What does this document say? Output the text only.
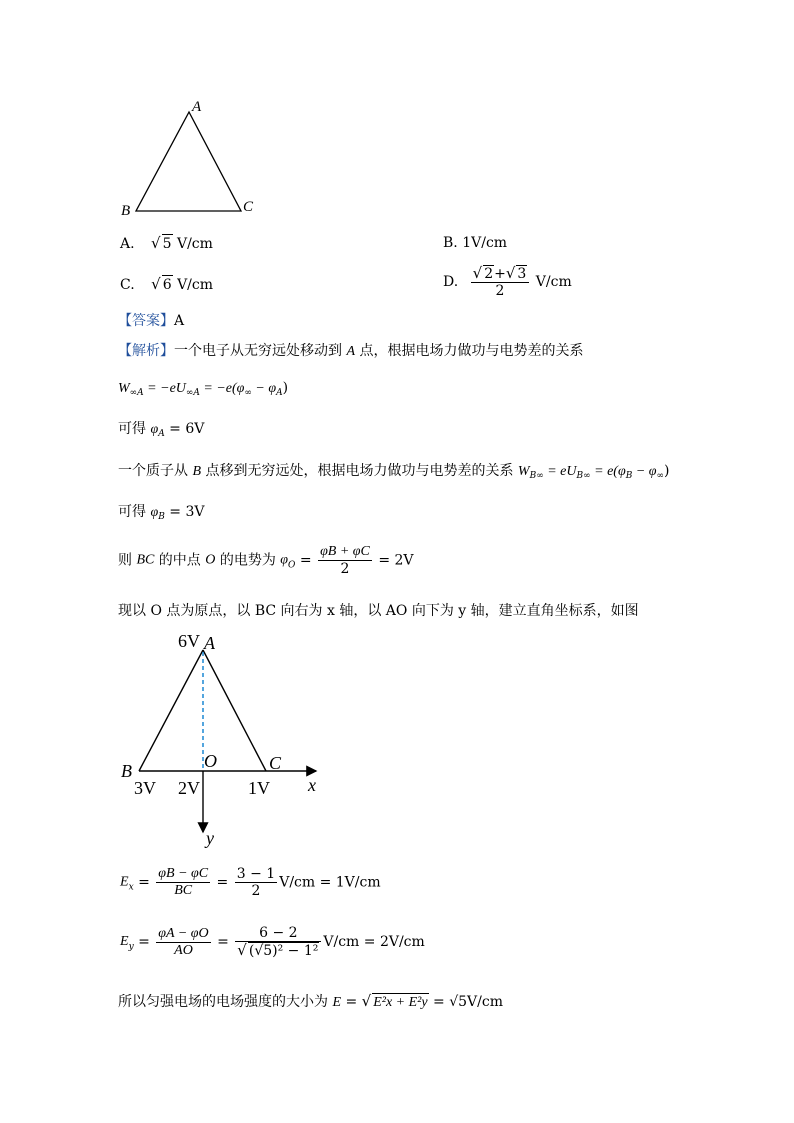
A
B	C
A. √ 5 V/cm	B. 1V/cm
C. √ 6 V/cm	D. $\frac{√ 2+√ 3}{2} V/cm$
【答案】A
【解析】一个电子从无穷远处移动到 A 点，根据电场力做功与电势差的关系
$W_{\infty A} = -eU_{\infty A} = -e(\varphi_\infty - \varphi_A)$
可得 $\varphi_A = 6V$
一个质子从 B 点移到无穷远处，根据电场力做功与电势差的关系 $W_{B\infty} = eU_{B\infty} = e(\varphi_B - \varphi_\infty)$
可得 $\varphi_B = 3V$
则 BC 的中点 O 的电势为 $\varphi_O = \frac{\varphi B + \varphi C}{2} = 2V$
现以 O 点为原点，以 BC 向右为 x 轴，以 AO 向下为 y 轴，建立直角坐标系，如图
6V A
B	O	C
3V 2V	1V x
y
$E_x = \frac{\varphi B - \varphi C}{BC} = \frac{3 - 1}{2} V/cm = 1V/cm$
$E_y = \frac{\varphi A - \varphi O}{AO} = \frac{6 - 2}{\text{√ (√5)² − 1²}} V/cm = 2V/cm$
所以匀强电场的电场强度的大小为 E = √ E²x + E²y = √5V/cm
